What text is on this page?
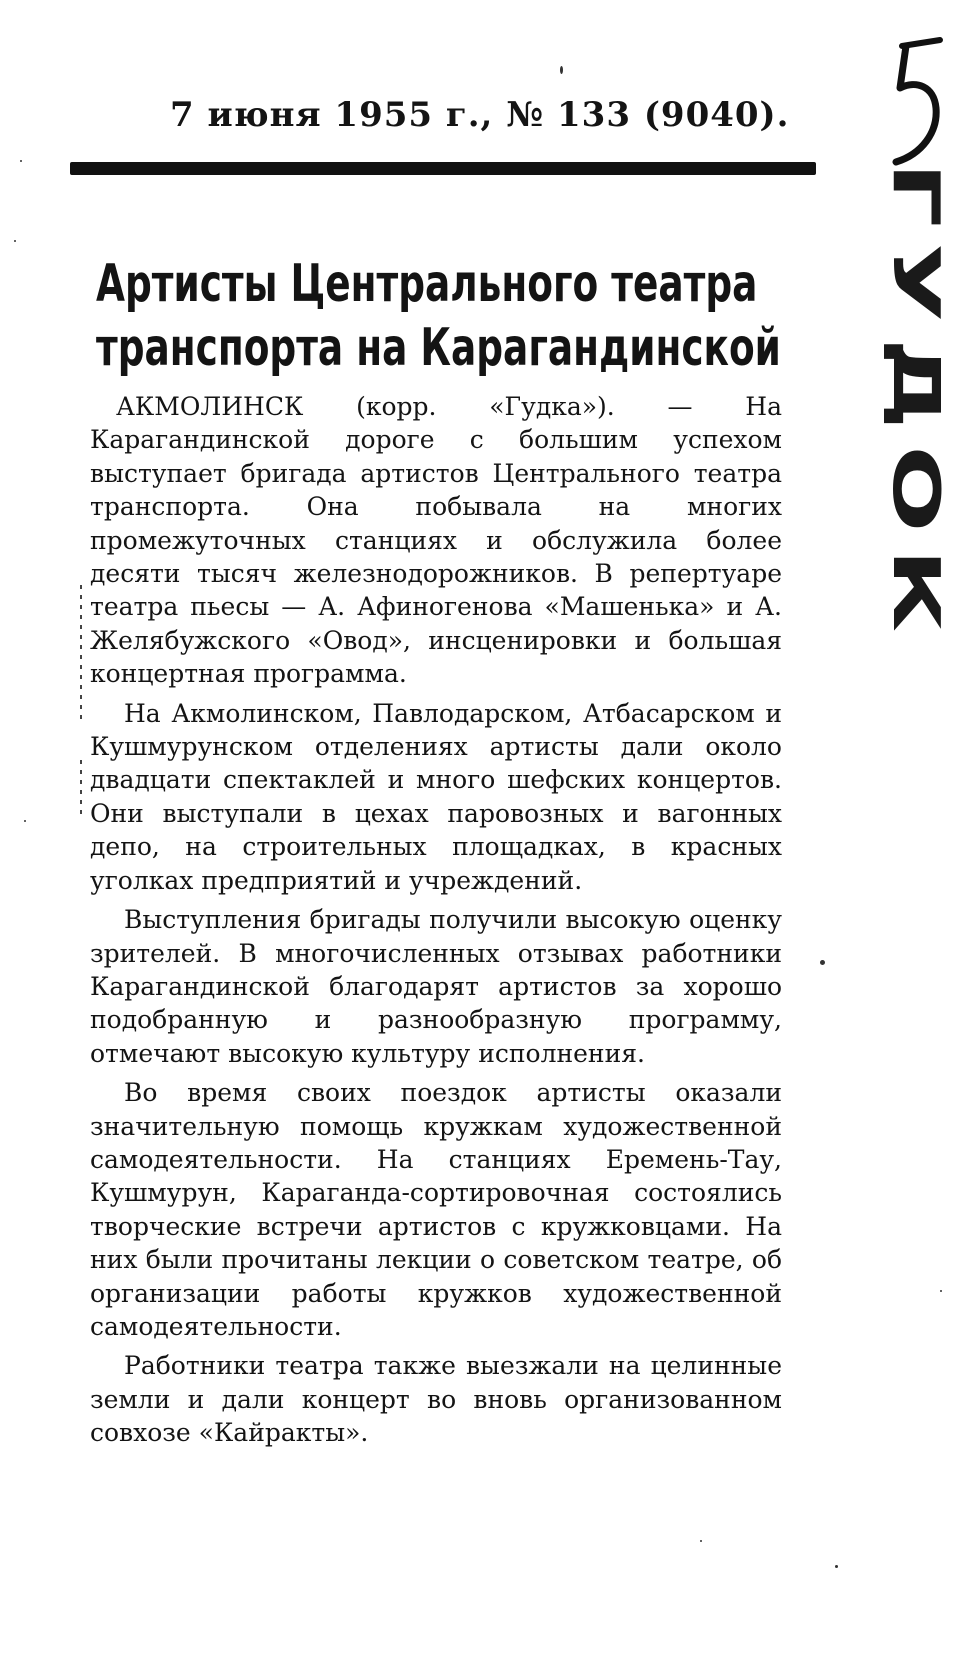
7 июня 1955 г., № 133 (9040).
ГУДОК
Артисты Центрального театра
транспорта на Карагандинской

АКМОЛИНСК (корр. «Гудка»). — На Карагандинской дороге с большим успехом выступает бригада артистов Центрального театра транспорта. Она побывала на многих промежуточных станциях и обслужила более десяти тысяч железнодорожников. В репертуаре театра пьесы — А. Афиногенова «Машенька» и А. Желябужского «Овод», инсценировки и большая концертная программа.

На Акмолинском, Павлодарском, Атбасарском и Кушмурунском отделениях артисты дали около двадцати спектаклей и много шефских концертов. Они выступали в цехах паровозных и вагонных депо, на строительных площадках, в красных уголках предприятий и учреждений.

Выступления бригады получили высокую оценку зрителей. В многочисленных отзывах работники Карагандинской благодарят артистов за хорошо подобранную и разнообразную программу, отмечают высокую культуру исполнения.

Во время своих поездок артисты оказали значительную помощь кружкам художественной самодеятельности. На станциях Еремень-Тау, Кушмурун, Караганда-сортировочная состоялись творческие встречи артистов с кружковцами. На них были прочитаны лекции о советском театре, об организации работы кружков художественной самодеятельности.

Работники театра также выезжали на целинные земли и дали концерт во вновь организованном совхозе «Кайракты».
